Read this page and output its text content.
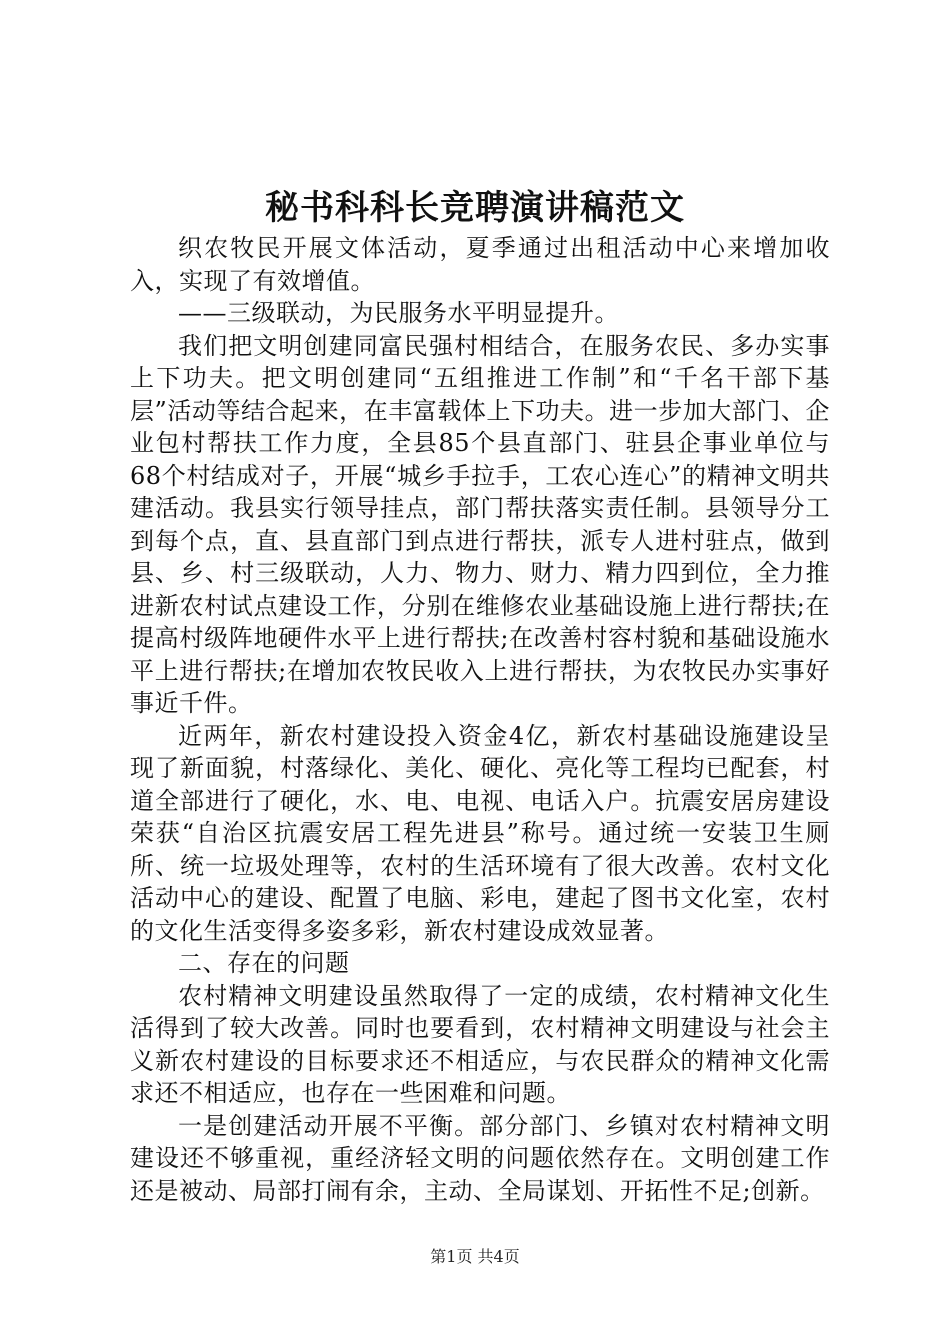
秘书科科长竞聘演讲稿范文

织农牧民开展文体活动，夏季通过出租活动中心来增加收入，实现了有效增值。

——三级联动，为民服务水平明显提升。

我们把文明创建同富民强村相结合，在服务农民、多办实事上下功夫。把文明创建同“五组推进工作制”和“千名干部下基层”活动等结合起来，在丰富载体上下功夫。进一步加大部门、企业包村帮扶工作力度，全县85个县直部门、驻县企事业单位与68个村结成对子，开展“城乡手拉手，工农心连心”的精神文明共建活动。我县实行领导挂点，部门帮扶落实责任制。县领导分工到每个点，直、县直部门到点进行帮扶，派专人进村驻点，做到县、乡、村三级联动，人力、物力、财力、精力四到位，全力推进新农村试点建设工作，分别在维修农业基础设施上进行帮扶;在提高村级阵地硬件水平上进行帮扶;在改善村容村貌和基础设施水平上进行帮扶;在增加农牧民收入上进行帮扶，为农牧民办实事好事近千件。

近两年，新农村建设投入资金4亿，新农村基础设施建设呈现了新面貌，村落绿化、美化、硬化、亮化等工程均已配套，村道全部进行了硬化，水、电、电视、电话入户。抗震安居房建设荣获“自治区抗震安居工程先进县”称号。通过统一安装卫生厕所、统一垃圾处理等，农村的生活环境有了很大改善。农村文化活动中心的建设、配置了电脑、彩电，建起了图书文化室，农村的文化生活变得多姿多彩，新农村建设成效显著。

二、存在的问题

农村精神文明建设虽然取得了一定的成绩，农村精神文化生活得到了较大改善。同时也要看到，农村精神文明建设与社会主义新农村建设的目标要求还不相适应，与农民群众的精神文化需求还不相适应，也存在一些困难和问题。

一是创建活动开展不平衡。部分部门、乡镇对农村精神文明建设还不够重视，重经济轻文明的问题依然存在。文明创建工作还是被动、局部打闹有余，主动、全局谋划、开拓性不足;创新。

第1页 共4页
